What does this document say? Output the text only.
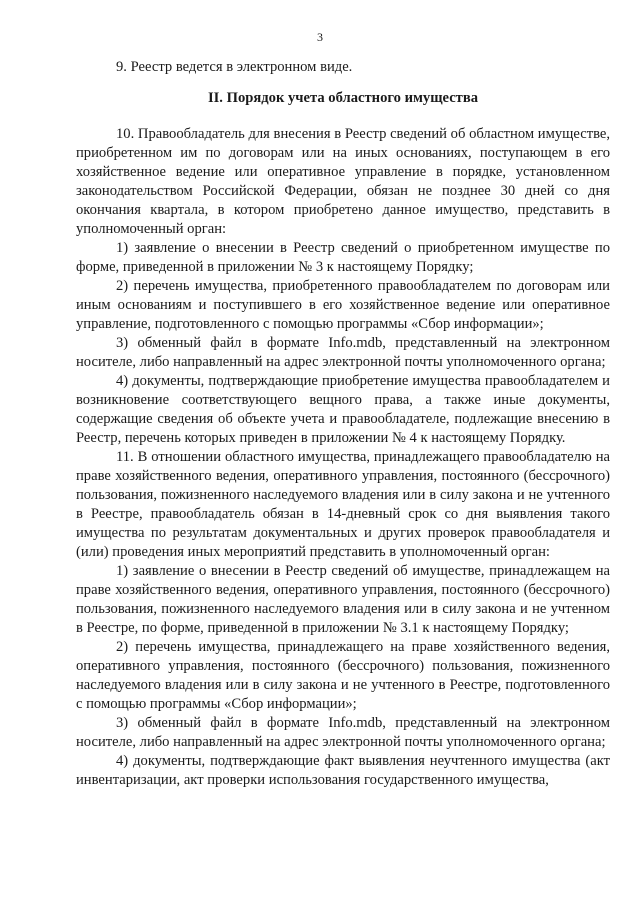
3

9. Реестр ведется в электронном виде.

II. Порядок учета областного имущества

10. Правообладатель для внесения в Реестр сведений об областном имуществе, приобретенном им по договорам или на иных основаниях, поступающем в его хозяйственное ведение или оперативное управление в порядке, установленном законодательством Российской Федерации, обязан не позднее 30 дней со дня окончания квартала, в котором приобретено данное имущество, представить в уполномоченный орган:

1) заявление о внесении в Реестр сведений о приобретенном имуществе по форме, приведенной в приложении № 3 к настоящему Порядку;

2) перечень имущества, приобретенного правообладателем по договорам или иным основаниям и поступившего в его хозяйственное ведение или оперативное управление, подготовленного с помощью программы «Сбор информации»;

3) обменный файл в формате Info.mdb, представленный на электронном носителе, либо направленный на адрес электронной почты уполномоченного органа;

4) документы, подтверждающие приобретение имущества правообладателем и возникновение соответствующего вещного права, а также иные документы, содержащие сведения об объекте учета и правообладателе, подлежащие внесению в Реестр, перечень которых приведен в приложении № 4 к настоящему Порядку.

11. В отношении областного имущества, принадлежащего правообладателю на праве хозяйственного ведения, оперативного управления, постоянного (бессрочного) пользования, пожизненного наследуемого владения или в силу закона и не учтенного в Реестре, правообладатель обязан в 14-дневный срок со дня выявления такого имущества по результатам документальных и других проверок правообладателя и (или) проведения иных мероприятий представить в уполномоченный орган:

1) заявление о внесении в Реестр сведений об имуществе, принадлежащем на праве хозяйственного ведения, оперативного управления, постоянного (бессрочного) пользования, пожизненного наследуемого владения или в силу закона и не учтенном в Реестре, по форме, приведенной в приложении № 3.1 к настоящему Порядку;

2) перечень имущества, принадлежащего на праве хозяйственного ведения, оперативного управления, постоянного (бессрочного) пользования, пожизненного наследуемого владения или в силу закона и не учтенного в Реестре, подготовленного с помощью программы «Сбор информации»;

3) обменный файл в формате Info.mdb, представленный на электронном носителе, либо направленный на адрес электронной почты уполномоченного органа;

4) документы, подтверждающие факт выявления неучтенного имущества (акт инвентаризации, акт проверки использования государственного имущества,
